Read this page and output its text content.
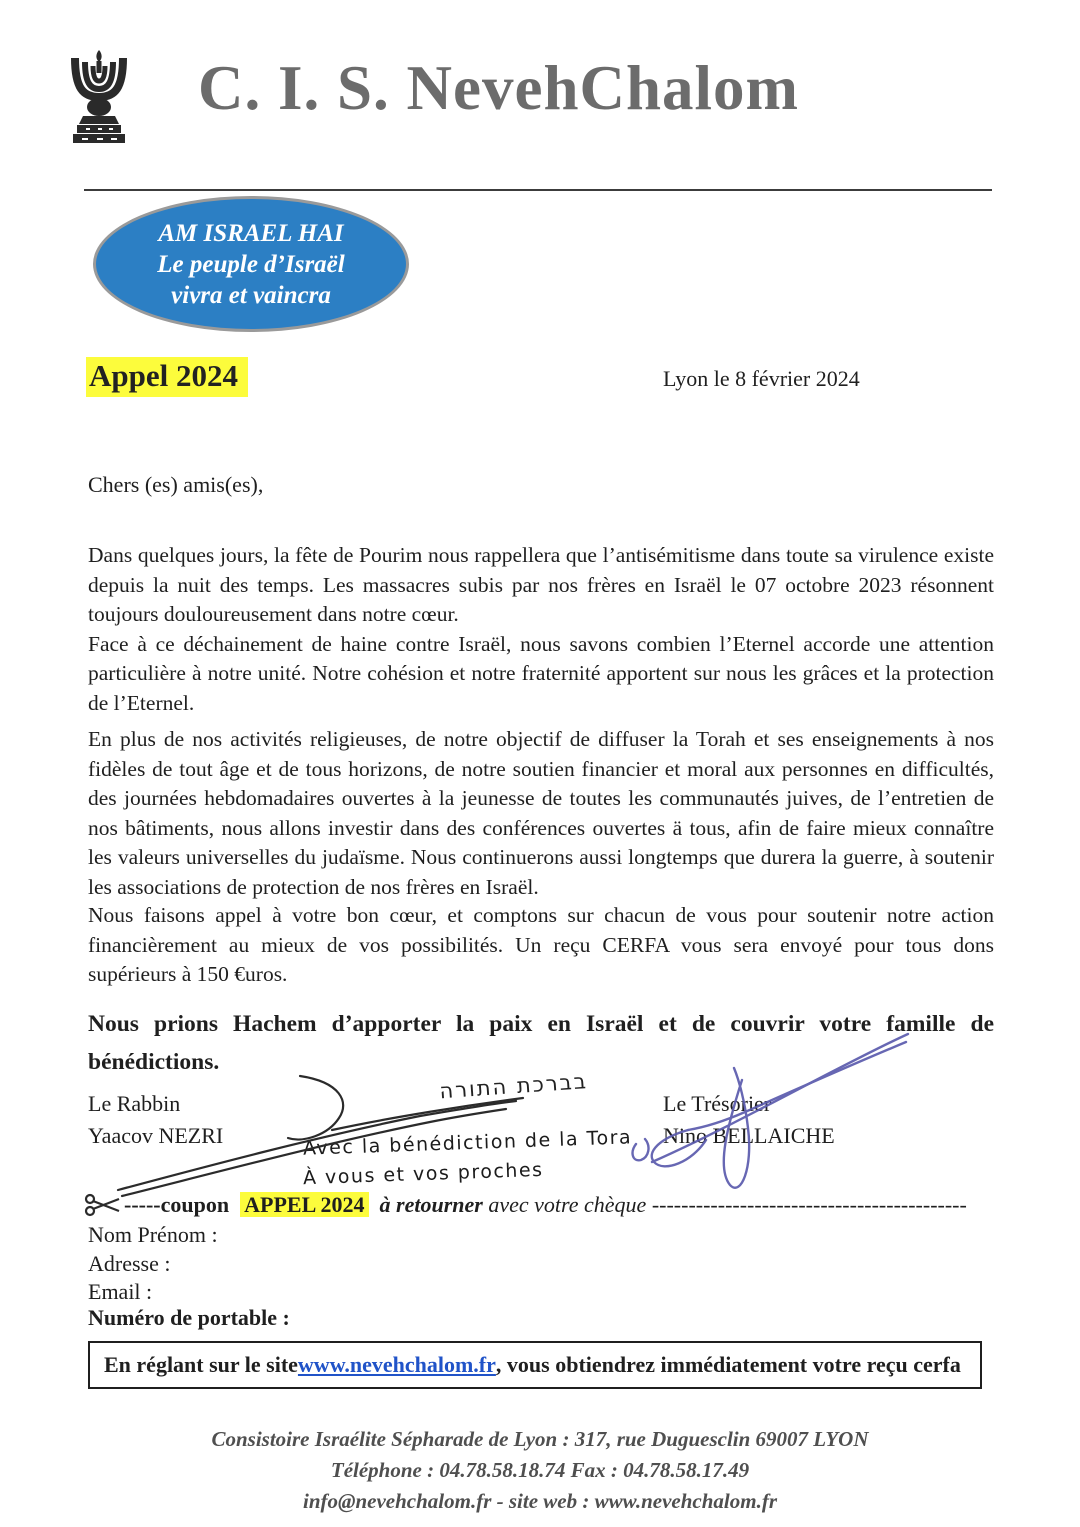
C. I. S. NevehChalom
AM ISRAEL HAI
Le peuple d’Israël
vivra et vaincra
Appel 2024	Lyon le 8 février 2024
Chers (es) amis(es),

Dans quelques jours, la fête de Pourim nous rappellera que l’antisémitisme dans toute sa virulence existe depuis la nuit des temps. Les massacres subis par nos frères en Israël le 07 octobre 2023 résonnent toujours douloureusement dans notre cœur.

Face à ce déchainement de haine contre Israël, nous savons combien l’Eternel accorde une attention particulière à notre unité. Notre cohésion et notre fraternité apportent sur nous les grâces et la protection de l’Eternel.

En plus de nos activités religieuses, de notre objectif de diffuser la Torah et ses enseignements à nos fidèles de tout âge et de tous horizons, de notre soutien financier et moral aux personnes en difficultés, des journées hebdomadaires ouvertes à la jeunesse de toutes les communautés juives, de l’entretien de nos bâtiments, nous allons investir dans des conférences ouvertes ä tous, afin de faire mieux connaître les valeurs universelles du judaïsme. Nous continuerons aussi longtemps que durera la guerre, à soutenir les associations de protection de nos frères en Israël.

Nous faisons appel à votre bon cœur, et comptons sur chacun de vous pour soutenir notre action financièrement au mieux de vos possibilités. Un reçu CERFA vous sera envoyé pour tous dons supérieurs à 150 €uros.

Nous prions Hachem d’apporter la paix en Israël et de couvrir votre famille de bénédictions.
Le Rabbin
Yaacov NEZRI
בברכת התורה
Avec la bénédiction de la Tora
À vous et vos proches
Le Trésorier
Nino BELLAICHE
-----coupon APPEL 2024 à retourner avec votre chèque -------------------------------------------
Nom Prénom :
Adresse :
Email :
Numéro de portable :
En réglant sur le site www.nevehchalom.fr , vous obtiendrez immédiatement votre reçu cerfa
Consistoire Israélite Sépharade de Lyon : 317, rue Duguesclin 69007 LYON
Téléphone : 04.78.58.18.74 Fax : 04.78.58.17.49
info@nevehchalom.fr - site web : www.nevehchalom.fr
